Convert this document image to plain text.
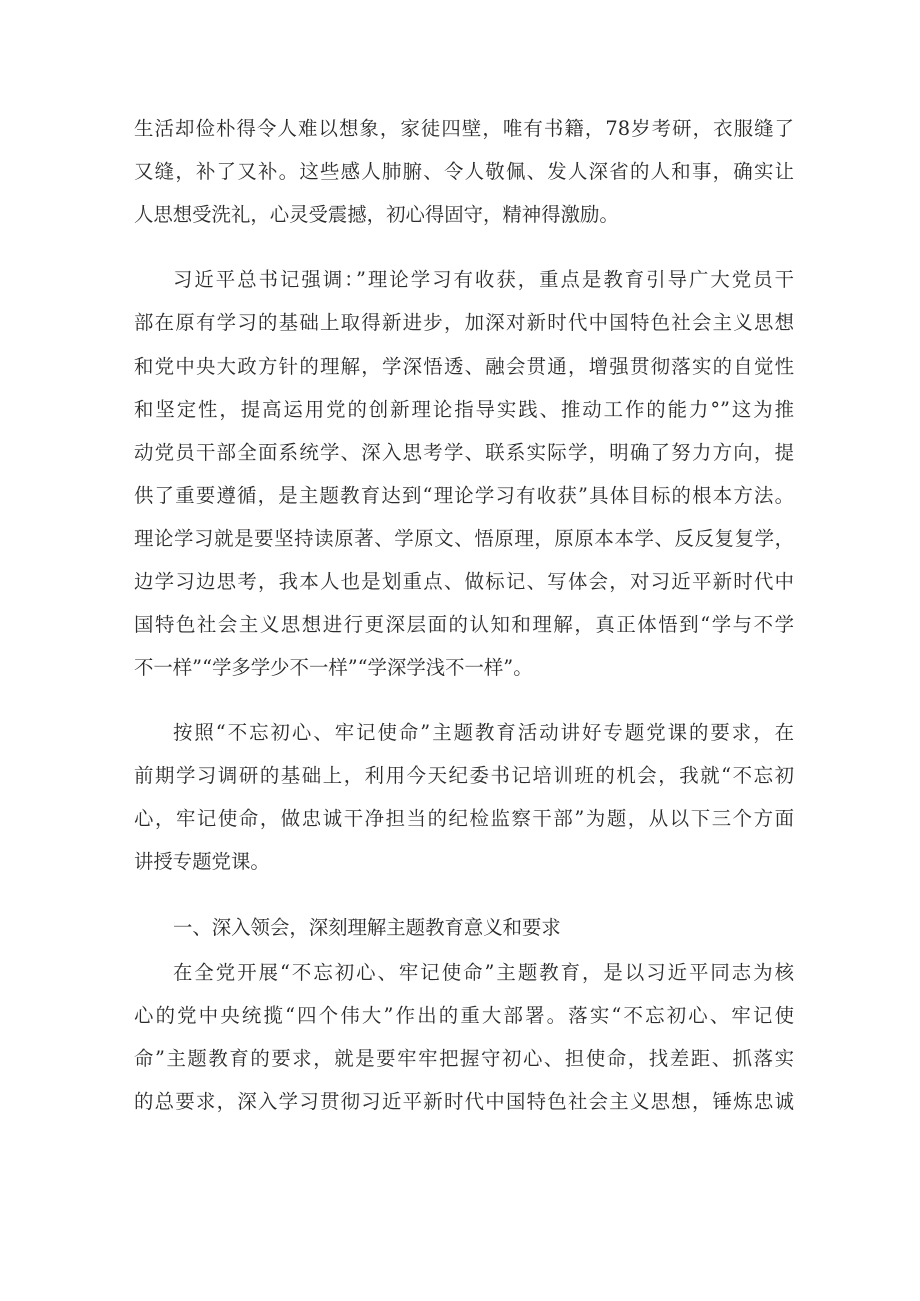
生活却俭朴得令人难以想象，家徒四壁，唯有书籍，78岁考研，衣服缝了

又缝，补了又补。这些感人肺腑、令人敬佩、发人深省的人和事，确实让

人思想受洗礼，心灵受震撼，初心得固守，精神得激励。

习近平总书记强调：”理论学习有收获，重点是教育引导广大党员干

部在原有学习的基础上取得新进步，加深对新时代中国特色社会主义思想

和党中央大政方针的理解，学深悟透、融会贯通，增强贯彻落实的自觉性

和坚定性，提高运用党的创新理论指导实践、推动工作的能力°”这为推

动党员干部全面系统学、深入思考学、联系实际学，明确了努力方向，提

供了重要遵循，是主题教育达到“理论学习有收获”具体目标的根本方法。

理论学习就是要坚持读原著、学原文、悟原理，原原本本学、反反复复学，

边学习边思考，我本人也是划重点、做标记、写体会，对习近平新时代中

国特色社会主义思想进行更深层面的认知和理解，真正体悟到“学与不学

不一样”“学多学少不一样”“学深学浅不一样”。

按照“不忘初心、牢记使命”主题教育活动讲好专题党课的要求，在

前期学习调研的基础上，利用今天纪委书记培训班的机会，我就“不忘初

心，牢记使命，做忠诚干净担当的纪检监察干部”为题，从以下三个方面

讲授专题党课。

一、深入领会，深刻理解主题教育意义和要求

在全党开展“不忘初心、牢记使命”主题教育，是以习近平同志为核

心的党中央统揽“四个伟大”作出的重大部署。落实“不忘初心、牢记使

命”主题教育的要求，就是要牢牢把握守初心、担使命，找差距、抓落实

的总要求，深入学习贯彻习近平新时代中国特色社会主义思想，锤炼忠诚
